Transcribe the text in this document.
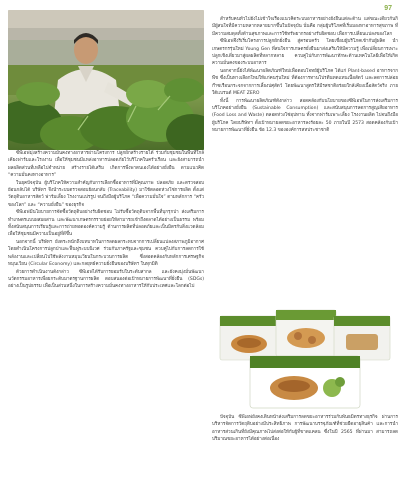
97

สำหรับคนทั่วไปยังไม่เข้าใจเรื่องแนวคิดระบบอาหารอย่างยั่งยืนแต่ละด้าน แต่ขณะเดียวกันก็มีผู้สนใจที่มีความหลากหลายมากขึ้นในปัจจุบัน นั่นคือ กลุ่มผู้บริโภคที่เริ่มมองหาอาหารสุขภาพ ที่มีความสมดุลทั้งด้านสุขภาพและการใช้ทรัพยากรอย่างรับผิดชอบ เพื่อการเปลี่ยนแปลงของโลก

ซีพีเอฟจึงริเริ่มโครงการปลูกผักยั่งยืน สู่ครอบครัว โดยเชื่อมผู้บริโภคเข้ากับผู้ผลิต นำเกษตรกรรุ่นใหม่ Young Gen ที่สนใจการเกษตรยั่งยืนมาส่งเสริมให้มีความรู้ เพื่อเปลี่ยนการเพาะปลูกเชิงเดี่ยวมาสู่ผลผลิตที่หลากหลาย ควบคู่ไปกับการพัฒนาทักษะด้านเทคโนโลยีเพื่อให้เกิดความมั่นคงของระบบอาหาร

นอกจากนี้ยังได้พัฒนาผลิตภัณฑ์ใหม่เพื่อตอบโจทย์ผู้บริโภค ได้แก่ Plant-based อาหารจากพืช ซึ่งเป็นทางเลือกใหม่ให้แก่คนรุ่นใหม่ ที่ต้องการทานโปรตีนทดแทนเนื้อสัตว์ และลดการปล่อยก๊าซเรือนกระจกจากการเลี้ยงปศุสัตว์ โดยพัฒนาสูตรให้มีรสชาติอร่อยใกล้เคียงเนื้อสัตว์จริง ภายใต้แบรนด์ MEAT ZERO

ทั้งนี้ การพัฒนาผลิตภัณฑ์ดังกล่าว สอดคล้องกับนโยบายของซีพีเอฟในการส่งเสริมการบริโภคอย่างยั่งยืน (Sustainable Consumption) และสนับสนุนการลดการสูญเสียอาหาร (Food Loss and Waste) ตลอดห่วงโซ่อุปทาน ทั้งจากฟาร์มเพาะเลี้ยง โรงงานผลิต ไปจนถึงมือผู้บริโภค โดยบริษัทฯ ตั้งเป้าหมายลดขยะอาหารลงร้อยละ 50 ภายในปี 2573 สอดคล้องกับเป้าหมายการพัฒนาที่ยั่งยืน ข้อ 12.3 ขององค์การสหประชาชาติ

ซีพีเอฟมุ่งสร้างความมั่นคงทางอาหารผ่านโครงการ ปลูกผักสร้างรายได้ ร่วมกับชุมชนในพื้นที่ใกล้เคียงฟาร์มและโรงงาน เพื่อให้ชุมชนมีแหล่งอาหารปลอดภัยไว้บริโภคในครัวเรือน และยังสามารถนำผลผลิตส่วนที่เหลือไปจำหน่าย สร้างรายได้เสริม เกิดการพึ่งพาตนเองได้อย่างยั่งยืน ตามแนวคิด “ความมั่นคงทางอาหาร”

ในยุคปัจจุบัน ผู้บริโภคให้ความสำคัญกับการเลือกซื้ออาหารที่มีคุณภาพ ปลอดภัย และตรวจสอบย้อนกลับได้ บริษัทฯ จึงนำระบบตรวจสอบย้อนกลับ (Traceability) มาใช้ตลอดห่วงโซ่การผลิต ตั้งแต่วัตถุดิบอาหารสัตว์ ฟาร์มเลี้ยง โรงงานแปรรูป จนถึงมือผู้บริโภค “เพื่อความมั่นใจ” ตามหลักการ “ครัวของโลก” และ “ความยั่งยืน” ของธุรกิจ

ซีพีเอฟมีนโยบายการจัดซื้อวัตถุดิบอย่างรับผิดชอบ ไม่รับซื้อวัตถุดิบจากพื้นที่บุกรุกป่า ส่งเสริมการทำเกษตรแบบผสมผสาน และพัฒนาเกษตรกรรายย่อยให้สามารถเข้าถึงตลาดได้อย่างเป็นธรรม พร้อมทั้งสนับสนุนการเรียนรู้และการถ่ายทอดองค์ความรู้ ด้านการผลิตที่ปลอดภัยและเป็นมิตรกับสิ่งแวดล้อม เพื่อให้ชุมชนมีความเป็นอยู่ที่ดีขึ้น

นอกจากนี้ บริษัทฯ ยังตระหนักถึงบทบาทในการลดผลกระทบจากการเปลี่ยนแปลงสภาพภูมิอากาศ โดยดำเนินโครงการปลูกป่าและฟื้นฟูระบบนิเวศ ร่วมกับภาครัฐและชุมชน ควบคู่ไปกับการลดการใช้พลังงานและเปลี่ยนไปใช้พลังงานหมุนเวียนในกระบวนการผลิต ซึ่งสอดคล้องกับหลักการเศรษฐกิจหมุนเวียน (Circular Economy) และกลยุทธ์ความยั่งยืนของบริษัทฯ ในทุกมิติ

ด้วยการดำเนินงานดังกล่าว ซีพีเอฟได้รับการยอมรับในระดับสากล และยังคงมุ่งมั่นพัฒนานวัตกรรมอาหารเพื่อยกระดับมาตรฐานการผลิต ตอบสนองต่อเป้าหมายการพัฒนาที่ยั่งยืน (SDGs) อย่างเป็นรูปธรรม เพื่อเป็นส่วนหนึ่งในการสร้างความมั่นคงทางอาหารให้กับประเทศและโลกต่อไป

ปัจจุบัน ซีพีเอฟยังคงเดินหน้าส่งเสริมการลดขยะอาหารร่วมกับพันธมิตรทางธุรกิจ ผ่านการบริหารจัดการวัตถุดิบอย่างมีประสิทธิภาพ การพัฒนาบรรจุภัณฑ์ที่ช่วยยืดอายุสินค้า และการนำอาหารส่วนเกินที่ยังมีคุณภาพไปส่งต่อให้กับผู้ที่ขาดแคลน ซึ่งในปี 2565 ที่ผ่านมา สามารถลดปริมาณขยะอาหารได้อย่างต่อเนื่อง
